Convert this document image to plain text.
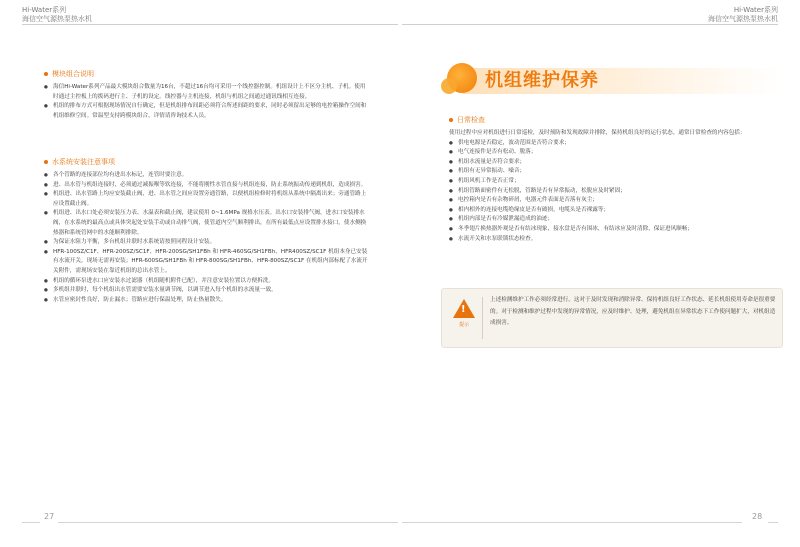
Hi-Water系列
海信空气源热泵热水机
Hi-Water系列
海信空气源热泵热水机
模块组合说明

● 海信Hi-Water系列产品最大模块组合数量为16台，不超过16台均可采用一个线控器控制。机组设计上不区分主机、子机。使用时通过主控板上的拨码进行主、子机的设定。线控器与主机连接，机组与机组之间通过通讯线相互连接。

● 机组的排布方式可根据现场情况自行确定，但是机组排布间距必须符合所述间距的要求，同时必须留出足够的电控箱操作空间和机组维修空间。常温型支持跨模块组合，详情请咨询技术人员。

水系统安装注意事项

● 各个管路的连接部位均有进出水标记，连管时要注意。

● 进、出水管与机组连接时，必须通过减振喉等软连接，不能将刚性水管直接与机组连接，防止系统振动传递到机组，造成损害。

● 机组进、出水管路上均应安装截止阀，进、出水管之间应设置旁通管路，以便机组检修时将机组从系统中隔离出来；旁通管路上应设置截止阀。

● 机组进、出水口处必须安装压力表、水温表和截止阀，建议使用 0~1.6MPa 规格水压表。出水口安装排气阀，进水口安装排水阀，在水系统的最高点或具体突起处安装手动或自动排气阀，使管道内空气顺利排出，在所有最低点应设置排水接口，使水侧换热器和系统管网中的水能顺利排除。

● 为保证水阻力平衡，多台机组并联时水系统请按照同程设计安装。

● HFR-100SZ/C1F、HFR-200SZ/SC1F、HFR-200SG/SH1FBh 和 HFR-460SG/SH1FBh、HFR400SZ/SC1F 机组本身已安装有水流开关，现场无需再安装；HFR-600SG/SH1FBh 和 HFR-800SG/SH1FBh、HFR-800SZ/SC1F 在机组内部标配了水流开关附件，需现场安装在靠近机组的总出水管上。

● 机组的循环泵进水口应安装水过滤器（机组随机附件已配），并注意安装位置以方便拆洗。

● 多机组并联时，每个机组出水管需要安装水量调节阀，以调节进入每个机组的水流量一致。

● 水管应密封性良好，防止漏水；管路应进行保温处理，防止热量散失。

机组维护保养
日常检查

使用过程中应对机组进行日常巡检，及时预防和发现故障并排除，保持机组良好的运行状态。通常日常检查的内容包括：

● 供电电源是否稳定，波动范围是否符合要求；

● 电气连接件是否有松动、脱落；

● 机组水流量是否符合要求；

● 机组有无异常振动、噪音；

● 机组风机工作是否正常；

● 机组管路面密件有无松脱，管路是否有异常振动，松脱应及时紧固；

● 电控箱内是否有杂物碎屑，电器元件表面是否落有灰尘；

● 相内相外的连接电缆绝缘皮是否有破损，电缆头是否裸露等；

● 机组内部是否有冷媒泄漏造成的油迹；

● 冬季翅片换热器外观是否有结冰现象，接水盘是否有围冰，有结冰应及时清除，保证进风顺畅；

● 水流开关和水泵联锁状态检查。

!
提示
上述检测维护工作必须经常进行。这对于及时发现和消除异常、保持机组良好工作状态、延长机组使用寿命是很重要的。对于检测和维护过程中发现的异常情况，应及时维护、处理，避免机组在异常状态下工作使问题扩大，对机组造成损害。
27	28
